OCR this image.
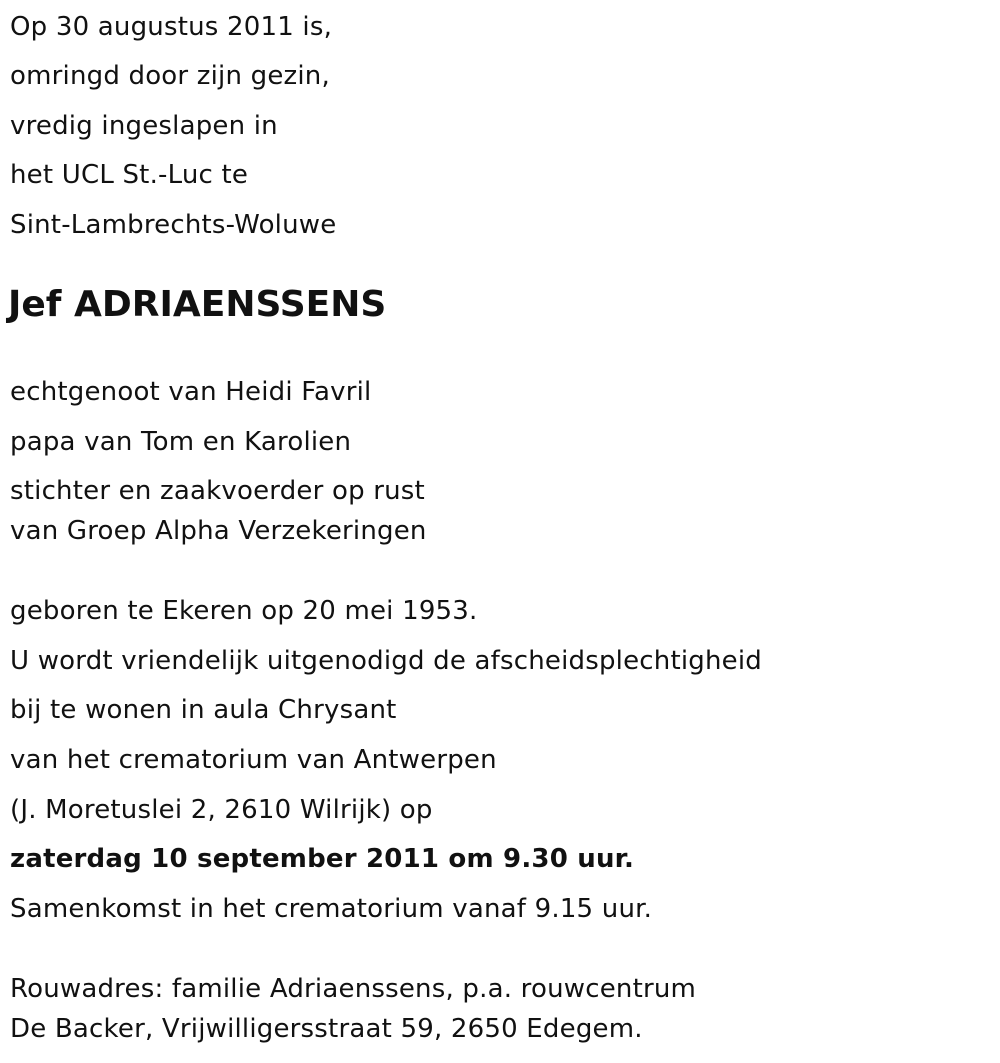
Op 30 augustus 2011 is,
omringd door zijn gezin,
vredig ingeslapen in
het UCL St.-Luc te
Sint-Lambrechts-Woluwe
Jef ADRIAENSSENS
echtgenoot van Heidi Favril
papa van Tom en Karolien
stichter en zaakvoerder op rust
van Groep Alpha Verzekeringen
geboren te Ekeren op 20 mei 1953.
U wordt vriendelijk uitgenodigd de afscheidsplechtigheid
bij te wonen in aula Chrysant
van het crematorium van Antwerpen
(J. Moretuslei 2, 2610 Wilrijk) op
zaterdag 10 september 2011 om 9.30 uur.
Samenkomst in het crematorium vanaf 9.15 uur.
Rouwadres: familie Adriaenssens, p.a. rouwcentrum
De Backer, Vrijwilligersstraat 59, 2650 Edegem.
